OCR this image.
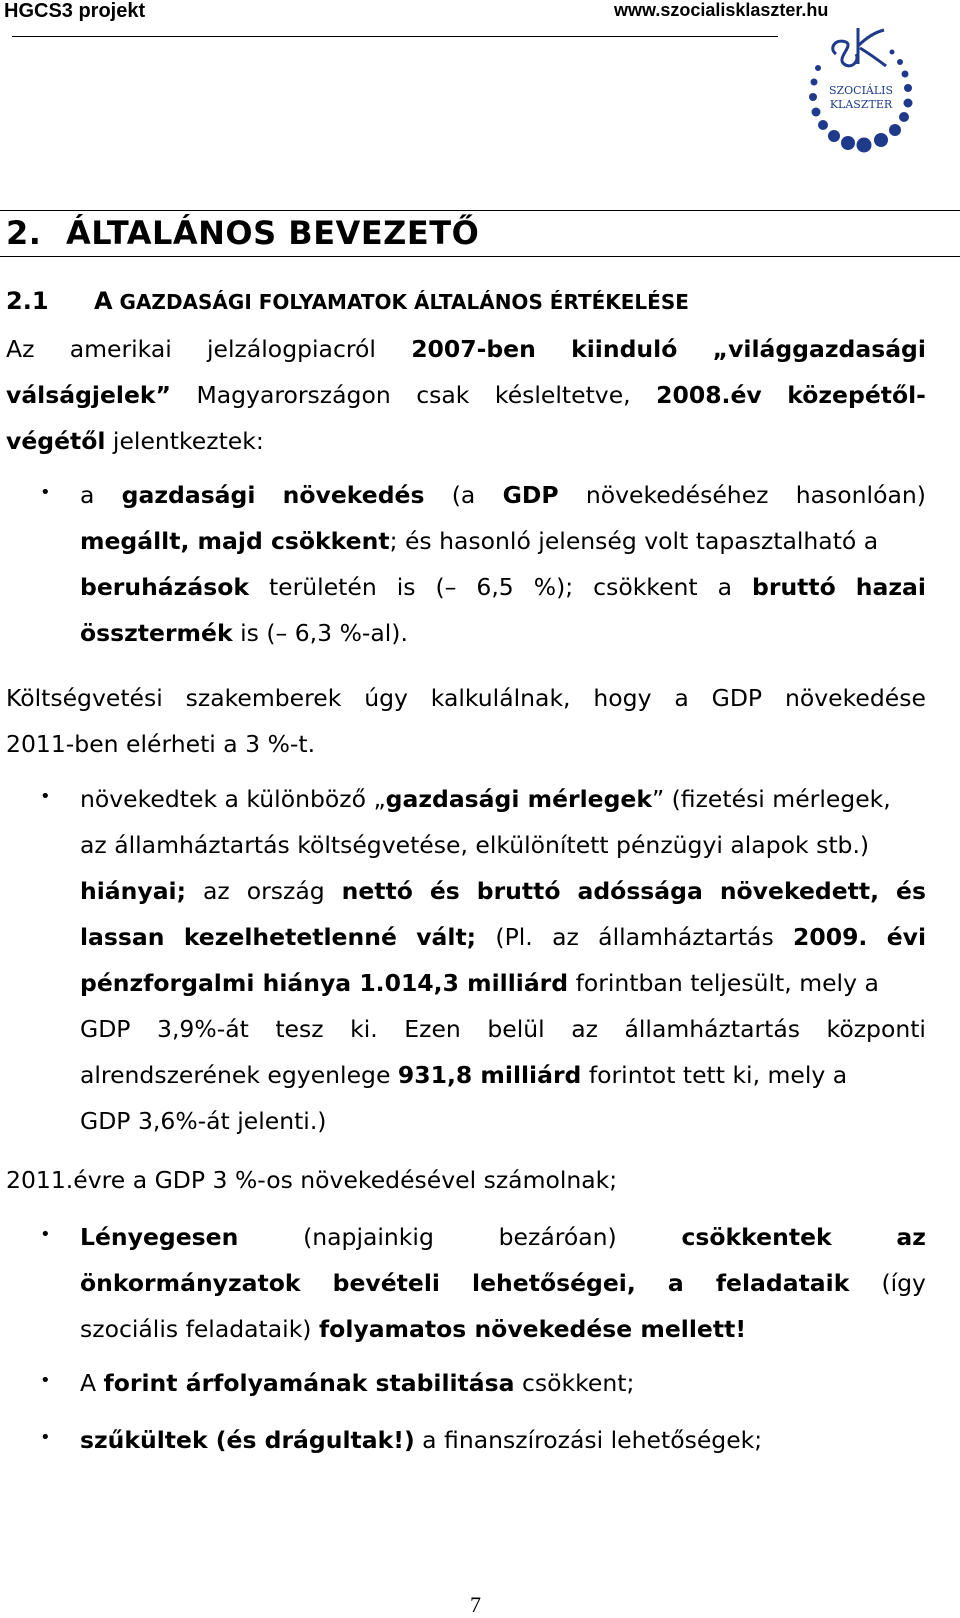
HGCS3 projekt	www.szocialisklaszter.hu
SZOCIÁLIS
KLASZTER
2. ÁLTALÁNOS BEVEZETŐ
2.1 A GAZDASÁGI FOLYAMATOK ÁLTALÁNOS ÉRTÉKELÉSE
Az amerikai jelzálogpiacról 2007-ben kiinduló „világgazdasági
válságjelek” Magyarországon csak késleltetve, 2008.év közepétől-
végétől jelentkeztek:
• a gazdasági növekedés (a GDP növekedéséhez hasonlóan)
megállt, majd csökkent; és hasonló jelenség volt tapasztalható a
beruházások területén is (– 6,5 %); csökkent a bruttó hazai
össztermék is (– 6,3 %-al).
Költségvetési szakemberek úgy kalkulálnak, hogy a GDP növekedése
2011-ben elérheti a 3 %-t.
• növekedtek a különböző „gazdasági mérlegek” (fizetési mérlegek,
az államháztartás költségvetése, elkülönített pénzügyi alapok stb.)
hiányai; az ország nettó és bruttó adóssága növekedett, és
lassan kezelhetetlenné vált; (Pl. az államháztartás 2009. évi
pénzforgalmi hiánya 1.014,3 milliárd forintban teljesült, mely a
GDP 3,9%-át tesz ki. Ezen belül az államháztartás központi
alrendszerének egyenlege 931,8 milliárd forintot tett ki, mely a
GDP 3,6%-át jelenti.)
2011.évre a GDP 3 %-os növekedésével számolnak;
• Lényegesen	(napjainkig	bezáróan)	csökkentek	az
önkormányzatok bevételi lehetőségei, a feladataik (így
szociális feladataik) folyamatos növekedése mellett!
• A forint árfolyamának stabilitása csökkent;
• szűkültek (és drágultak!) a finanszírozási lehetőségek;
7
